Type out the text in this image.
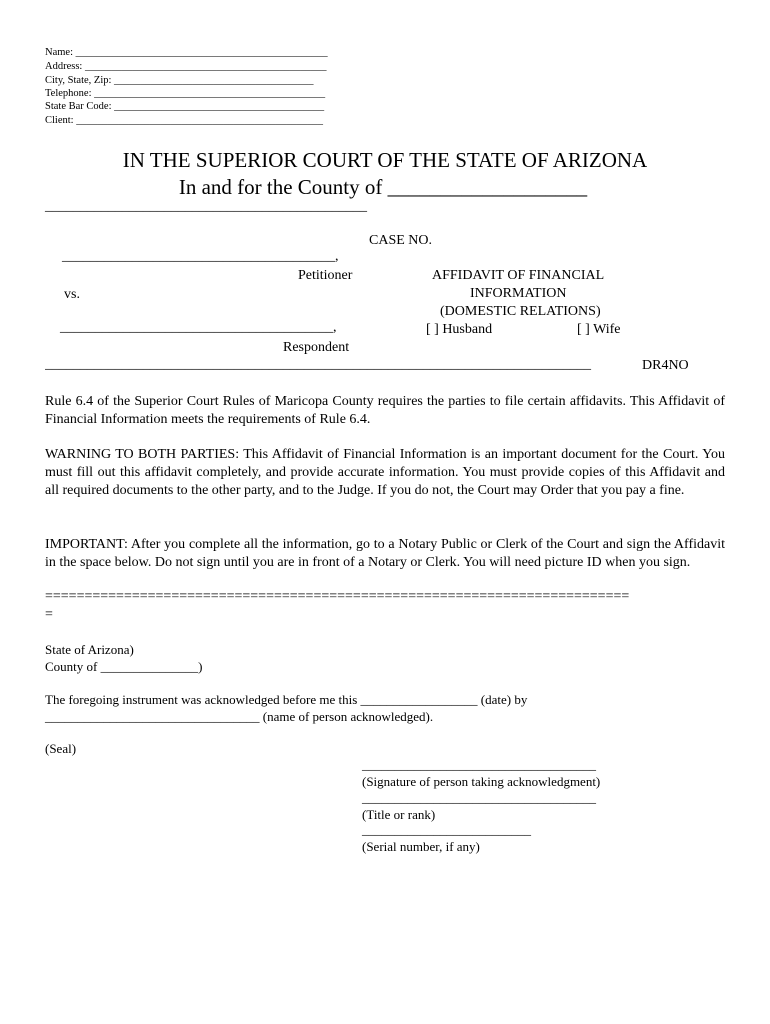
Name: ________________________________________________
Address: ______________________________________________
City, State, Zip: ______________________________________
Telephone: ____________________________________________
State Bar Code: ________________________________________
Client: _______________________________________________
IN THE SUPERIOR COURT OF THE STATE OF ARIZONA
In and for the County of ___________________
______________________________________________
CASE NO.
_______________________________________,
Petitioner
vs.
_______________________________________,
Respondent
AFFIDAVIT OF FINANCIAL
INFORMATION
(DOMESTIC RELATIONS)
[ ] Husband	[ ] Wife
______________________________________________________________________________	DR4NO
Rule 6.4 of the Superior Court Rules of Maricopa County requires the parties to file certain affidavits. This Affidavit of Financial Information meets the requirements of Rule 6.4.
WARNING TO BOTH PARTIES: This Affidavit of Financial Information is an important document for the Court. You must fill out this affidavit completely, and provide accurate information. You must provide copies of this Affidavit and all required documents to the other party, and to the Judge. If you do not, the Court may Order that you pay a fine.
IMPORTANT: After you complete all the information, go to a Notary Public or Clerk of the Court and sign the Affidavit in the space below. Do not sign until you are in front of a Notary or Clerk. You will need picture ID when you sign.
==========================================================================
=
State of Arizona)
County of _______________)
The foregoing instrument was acknowledged before me this __________________ (date) by
_________________________________ (name of person acknowledged).
(Seal)
____________________________________
(Signature of person taking acknowledgment)
____________________________________
(Title or rank)
__________________________
(Serial number, if any)
